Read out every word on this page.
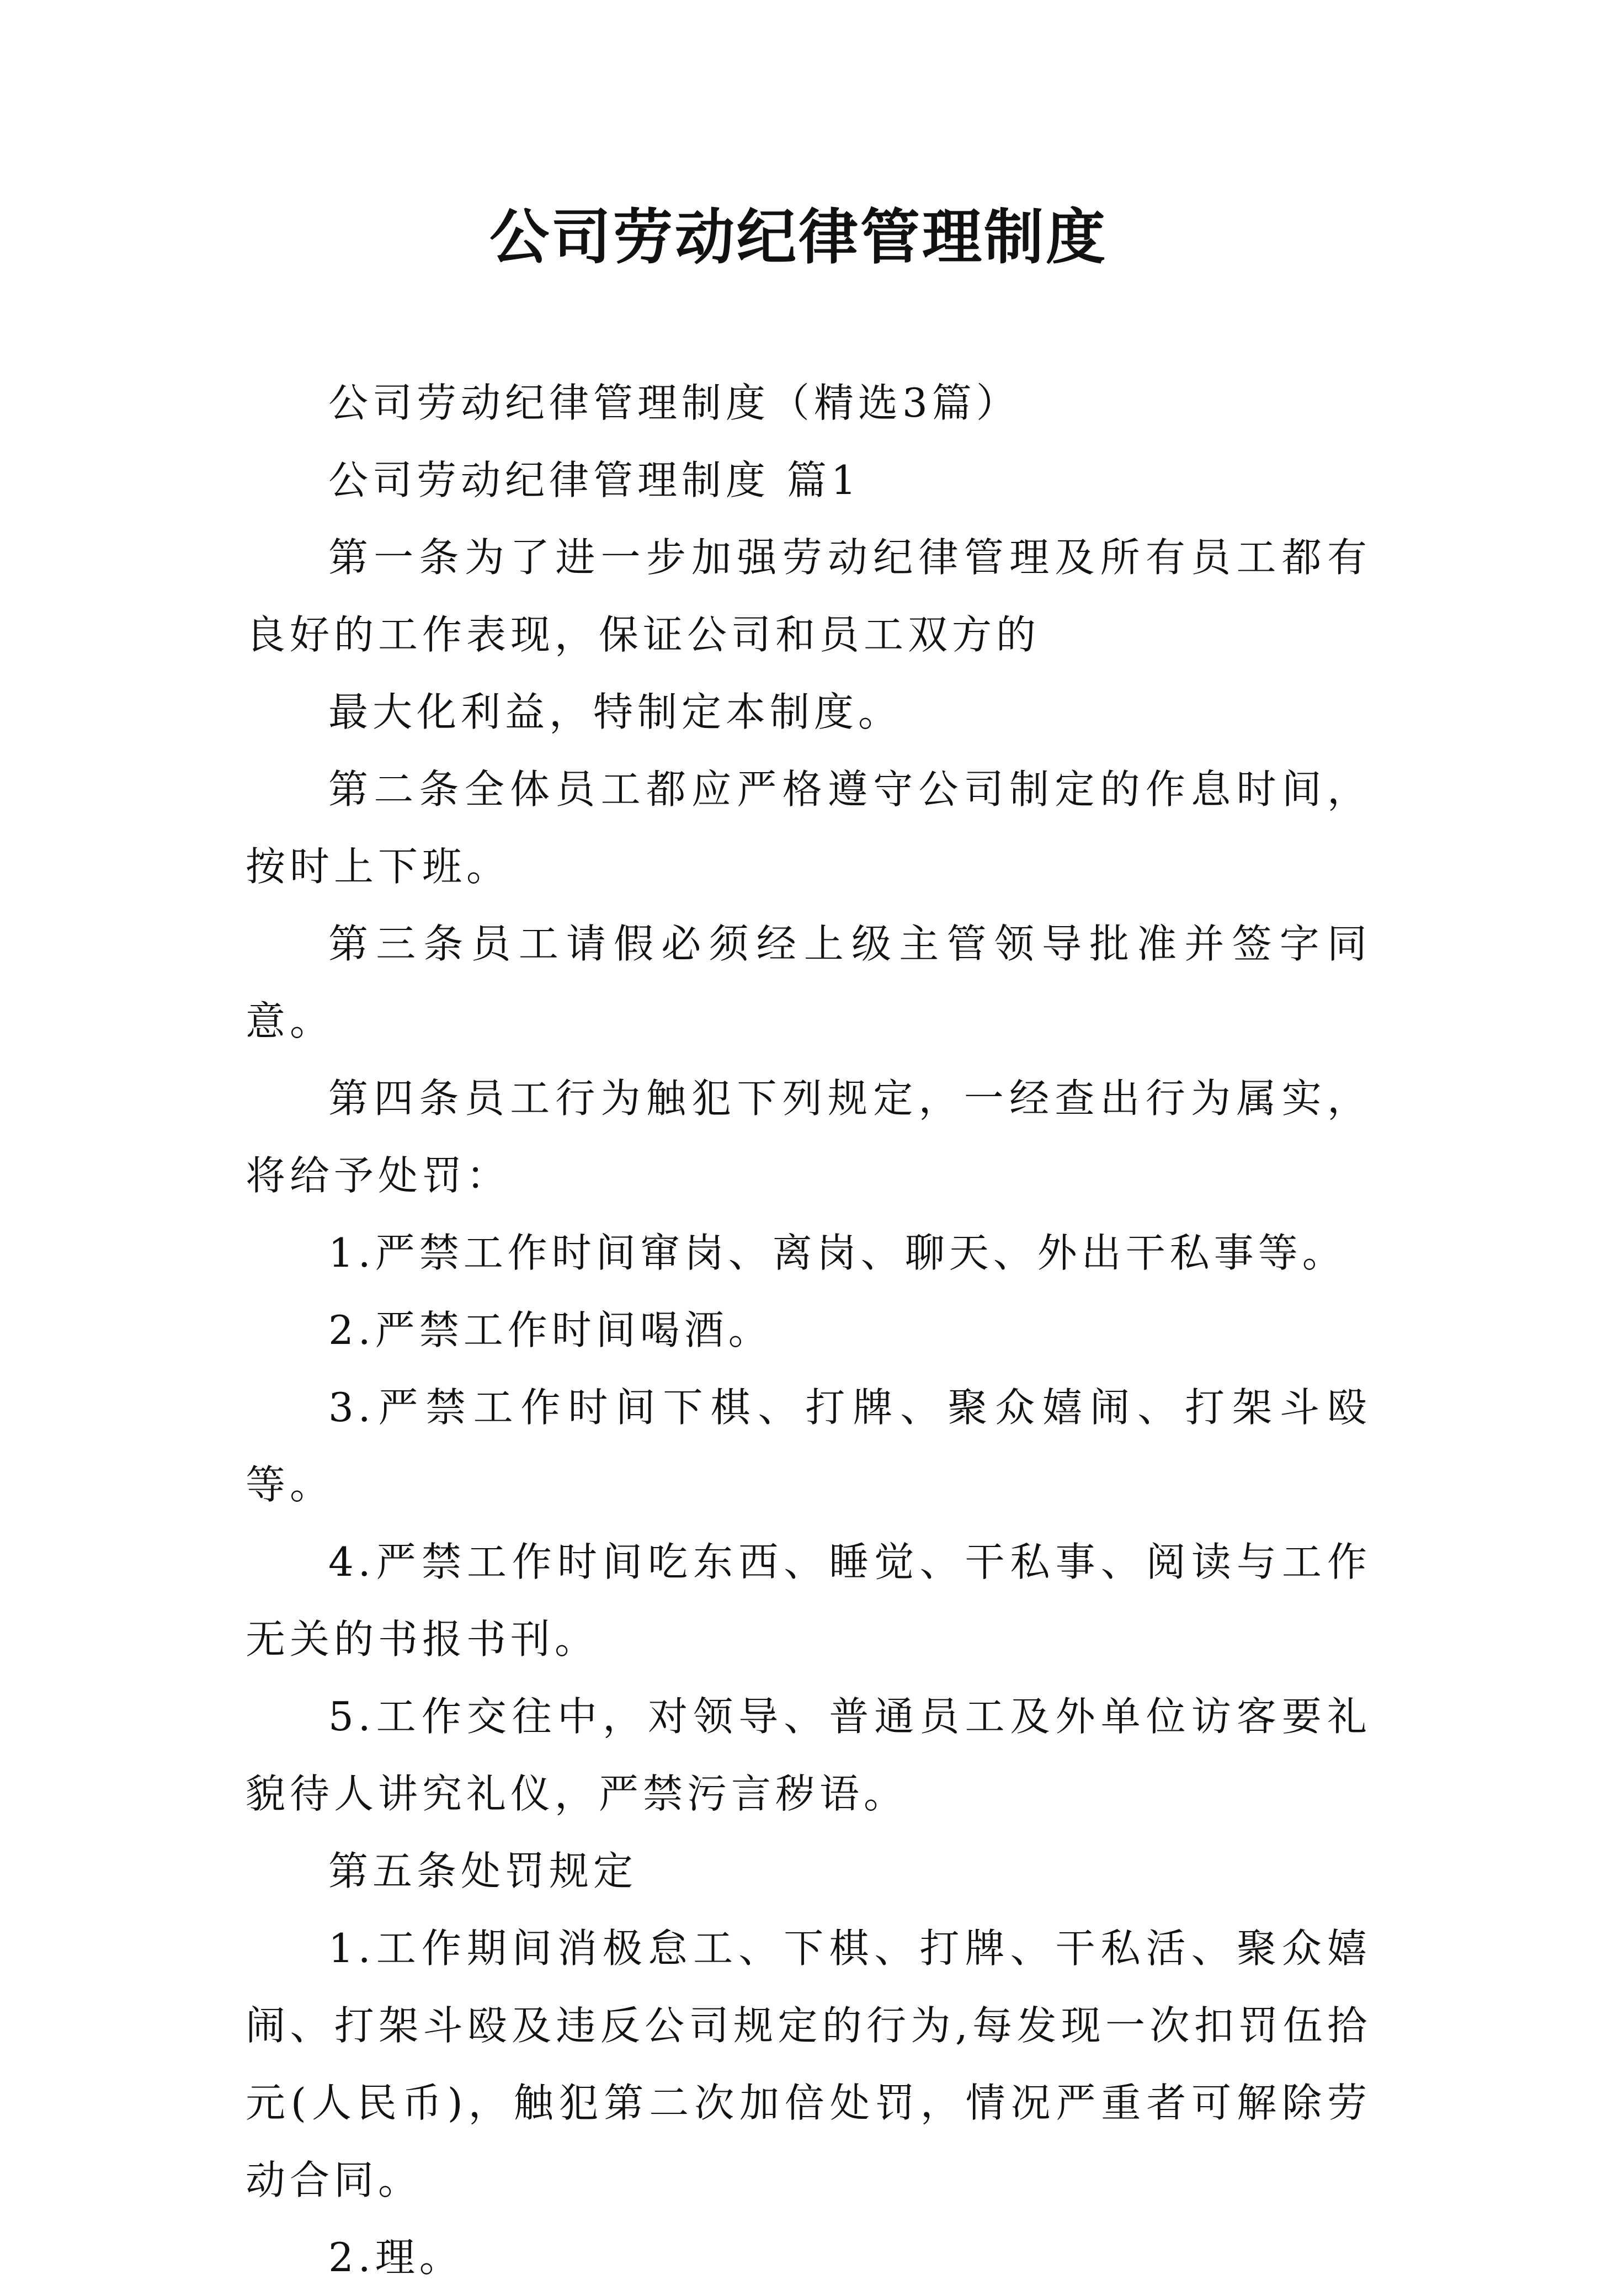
公司劳动纪律管理制度

公司劳动纪律管理制度（精选3篇）

公司劳动纪律管理制度 篇1

第一条为了进一步加强劳动纪律管理及所有员工都有良好的工作表现，保证公司和员工双方的

最大化利益，特制定本制度。

第二条全体员工都应严格遵守公司制定的作息时间，按时上下班。

第三条员工请假必须经上级主管领导批准并签字同意。

第四条员工行为触犯下列规定，一经查出行为属实，将给予处罚：

1.严禁工作时间窜岗、离岗、聊天、外出干私事等。

2.严禁工作时间喝酒。

3.严禁工作时间下棋、打牌、聚众嬉闹、打架斗殴等。

4.严禁工作时间吃东西、睡觉、干私事、阅读与工作无关的书报书刊。

5.工作交往中，对领导、普通员工及外单位访客要礼貌待人讲究礼仪，严禁污言秽语。

第五条处罚规定

1.工作期间消极怠工、下棋、打牌、干私活、聚众嬉闹、打架斗殴及违反公司规定的行为,每发现一次扣罚伍拾元(人民币)，触犯第二次加倍处罚，情况严重者可解除劳动合同。

2.理。
